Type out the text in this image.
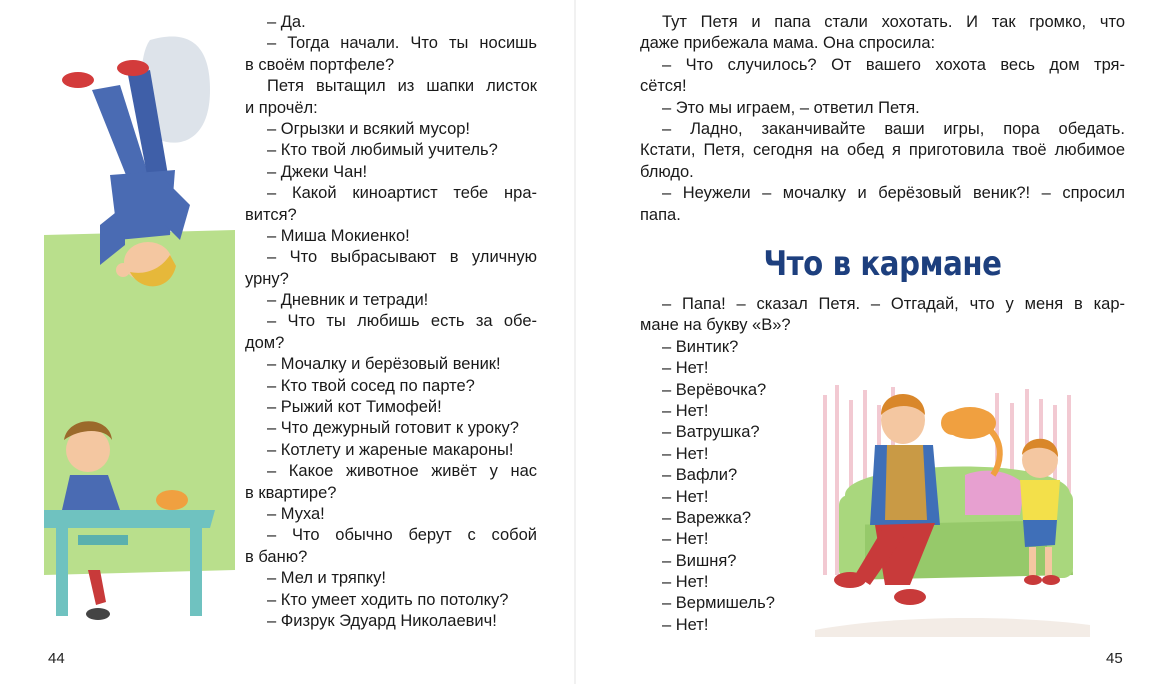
– Да.
– Тогда начали. Что ты носишь
в своём портфеле?
Петя вытащил из шапки листок
и прочёл:
– Огрызки и всякий мусор!
– Кто твой любимый учитель?
– Джеки Чан!
– Какой киноартист тебе нра-
вится?
– Миша Мокиенко!
– Что выбрасывают в уличную
урну?
– Дневник и тетради!
– Что ты любишь есть за обе-
дом?
– Мочалку и берёзовый веник!
– Кто твой сосед по парте?
– Рыжий кот Тимофей!
– Что дежурный готовит к уроку?
– Котлету и жареные макароны!
– Какое животное живёт у нас
в квартире?
– Муха!
– Что обычно берут с собой
в баню?
– Мел и тряпку!
– Кто умеет ходить по потолку?
– Физрук Эдуард Николаевич!
Тут Петя и папа стали хохотать. И так громко, что
даже прибежала мама. Она спросила:
– Что случилось? От вашего хохота весь дом тря-
сётся!
– Это мы играем, – ответил Петя.
– Ладно, заканчивайте ваши игры, пора обедать.
Кстати, Петя, сегодня на обед я приготовила твоё любимое
блюдо.
– Неужели – мочалку и берёзовый веник?! – спросил
папа.
Что в кармане
– Папа! – сказал Петя. – Отгадай, что у меня в кар-
мане на букву «В»?
– Винтик?
– Нет!
– Верёвочка?
– Нет!
– Ватрушка?
– Нет!
– Вафли?
– Нет!
– Варежка?
– Нет!
– Вишня?
– Нет!
– Вермишель?
– Нет!
44	45
